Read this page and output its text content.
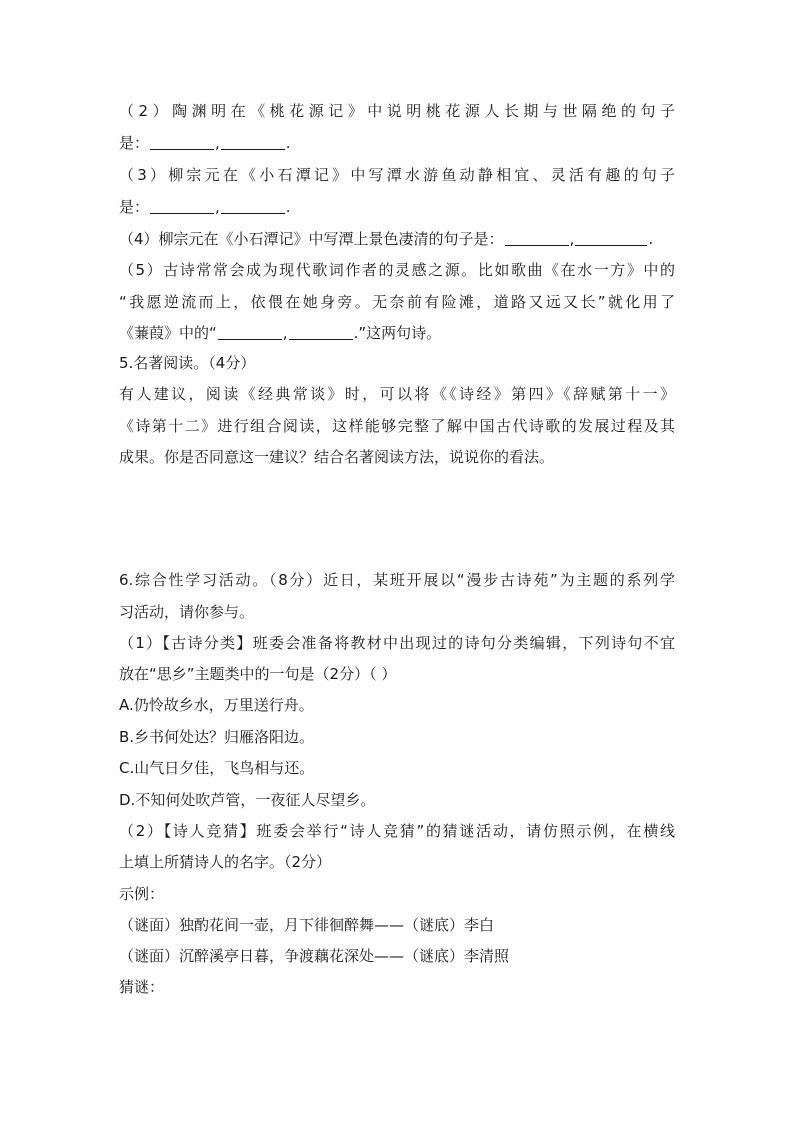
（2）陶渊明在《桃花源记》中说明桃花源人长期与世隔绝的句子
是：	,	.
（3）柳宗元在《小石潭记》中写潭水游鱼动静相宜、灵活有趣的句子
是：	,	.
（4）柳宗元在《小石潭记》中写潭上景色凄清的句子是：	,	.
（5）古诗常常会成为现代歌词作者的灵感之源。比如歌曲《在水一方》中的
“我愿逆流而上，依偎在她身旁。无奈前有险滩，道路又远又长”就化用了
《蒹葭》中的“	,	.”这两句诗。
5.名著阅读。（4分）
有人建议，阅读《经典常谈》时，可以将《《诗经》第四》《辞赋第十一》
《诗第十二》进行组合阅读，这样能够完整了解中国古代诗歌的发展过程及其
成果。你是否同意这一建议？结合名著阅读方法，说说你的看法。
6.综合性学习活动。（8分）近日，某班开展以“漫步古诗苑”为主题的系列学
习活动，请你参与。
（1）【古诗分类】班委会准备将教材中出现过的诗句分类编辑，下列诗句不宜
放在“思乡”主题类中的一句是（2分）（ ）
A.仍怜故乡水，万里送行舟。
B.乡书何处达？归雁洛阳边。
C.山气日夕佳，飞鸟相与还。
D.不知何处吹芦管，一夜征人尽望乡。
（2）【诗人竞猜】班委会举行“诗人竞猜”的猜谜活动，请仿照示例，在横线
上填上所猜诗人的名字。（2分）
示例：
（谜面）独酌花间一壶，月下徘徊醉舞——（谜底）李白
（谜面）沉醉溪亭日暮，争渡藕花深处——（谜底）李清照
猜谜：
